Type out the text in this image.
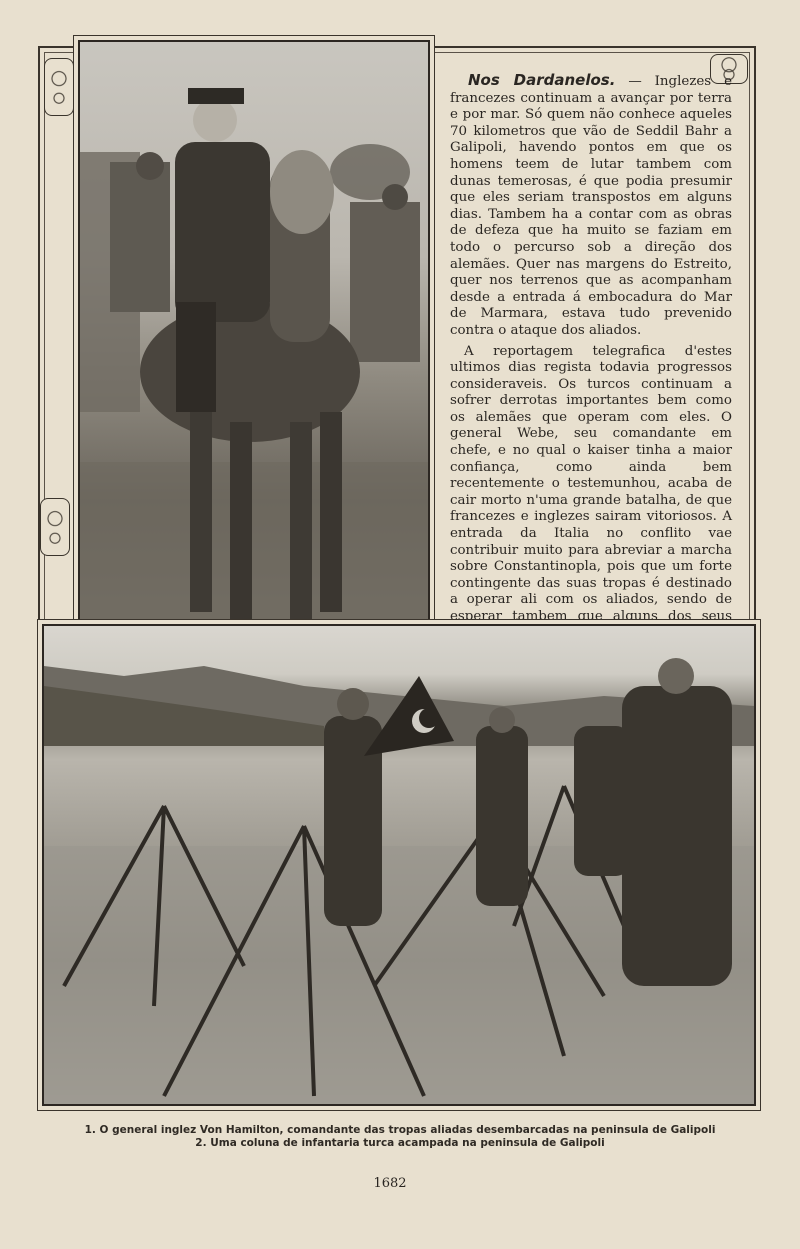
Nos Dardanelos. — Inglezes e francezes continuam a avançar por terra e por mar. Só quem não conhece aqueles 70 kilometros que vão de Seddil Bahr a Galipoli, havendo pontos em que os homens teem de lutar tambem com dunas temerosas, é que podia presumir que eles seriam transpostos em alguns dias. Tambem ha a contar com as obras de defeza que ha muito se faziam em todo o percurso sob a direção dos alemães. Quer nas margens do Estreito, quer nos terrenos que as acompanham desde a entrada á embocadura do Mar de Marmara, estava tudo prevenido contra o ataque dos aliados.

A reportagem telegrafica d'estes ultimos dias regista todavia progressos consideraveis. Os turcos continuam a sofrer derrotas importantes bem como os alemães que operam com eles. O general Webe, seu comandante em chefe, e no qual o kaiser tinha a maior confiança, como ainda bem recentemente o testemunhou, acaba de cair morto n'uma grande batalha, de que francezes e inglezes sairam vitoriosos. A entrada da Italia no conflito vae contribuir muito para abreviar a marcha sobre Constantinopla, pois que um forte contingente das suas tropas é destinado a operar ali com os aliados, sendo de esperar tambem que alguns dos seus

1. O general inglez Von Hamilton, comandante das tropas aliadas desembarcadas na peninsula de Galipoli
2. Uma coluna de infantaria turca acampada na peninsula de Galipoli
1682
